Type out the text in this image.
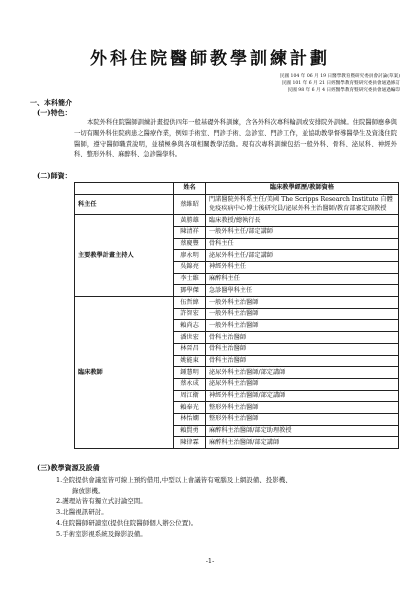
外科住院醫師教學訓練計劃
民國 104 年 06 月 19 日醫學教育暨研究委員會討論(草案)
民國 101 年 6 月 21 日經醫學教育暨研究委員會通過修訂
民國 98 年 6 月 4 日經醫學教育暨研究委員會通過編印
一、本科簡介
(一)特色：
本院外科住院醫師訓練計畫提供四年一般基礎外科訓練，含各外科次專科輪訓或安排院外訓練。住院醫師應參與一切有關外科住院病患之醫療作業，例如手術室、門診手術、急診室、門診工作，並協助教學督導醫學生及資淺住院醫師，遵守醫師職責說明，並積極參與各項相關教學活動。現有次專科訓練包括一般外科、骨科、泌尿科、神經外科、整形外科、麻醉科、急診醫學科。
(二)師資：
	姓名	臨床教學經歷/教師資格
科主任	蔡維昭	門諾醫院外科系主任/美國 The Scripps Research Institute 自體免疫疾病中心博士後研究員/泌尿外科主治醫師/教育部審定副教授
主要教學計畫主持人	黃勝雄	臨床教授/總執行長
	陳清祥	一般外科主任/部定講師
	蔡慶豐	骨科主任
	廖永明	泌尿外科主任/部定講師
	吳錦亮	神經外科主任
	李士維	麻醉科主任
	鄧學傑	急診醫學科主任
臨床教師	伍哲緯	一般外科主治醫師
	許智宏	一般外科主治醫師
	賴尚志	一般外科主治醫師
	潘世宏	骨科主治醫師
	林晉昌	骨科主治醫師
	姚能東	骨科主治醫師
	鍾慧明	泌尿外科主治醫師/部定講師
	蔡永成	泌尿外科主治醫師
	周江衛	神經外科主治醫師/部定講師
	賴奉光	整形外科主治醫師
	林怡嫻	整形外科主治醫師
	賴賢勇	麻醉科主治醫師/部定助理教授
	陳律霖	麻醉科主治醫師/部定講師
(三)教學資源及設備
1.全院提供會議室皆可線上預約借用,中型以上會議皆有電腦及上網設備、投影機、
錄放影機。
2.護理站皆有獨立式討論空間。
3.北醫視訊研討。
4.住院醫師研讀室(提供住院醫師個人辦公位置)。
5.手術室影視系統及錄影設備。
-1-
